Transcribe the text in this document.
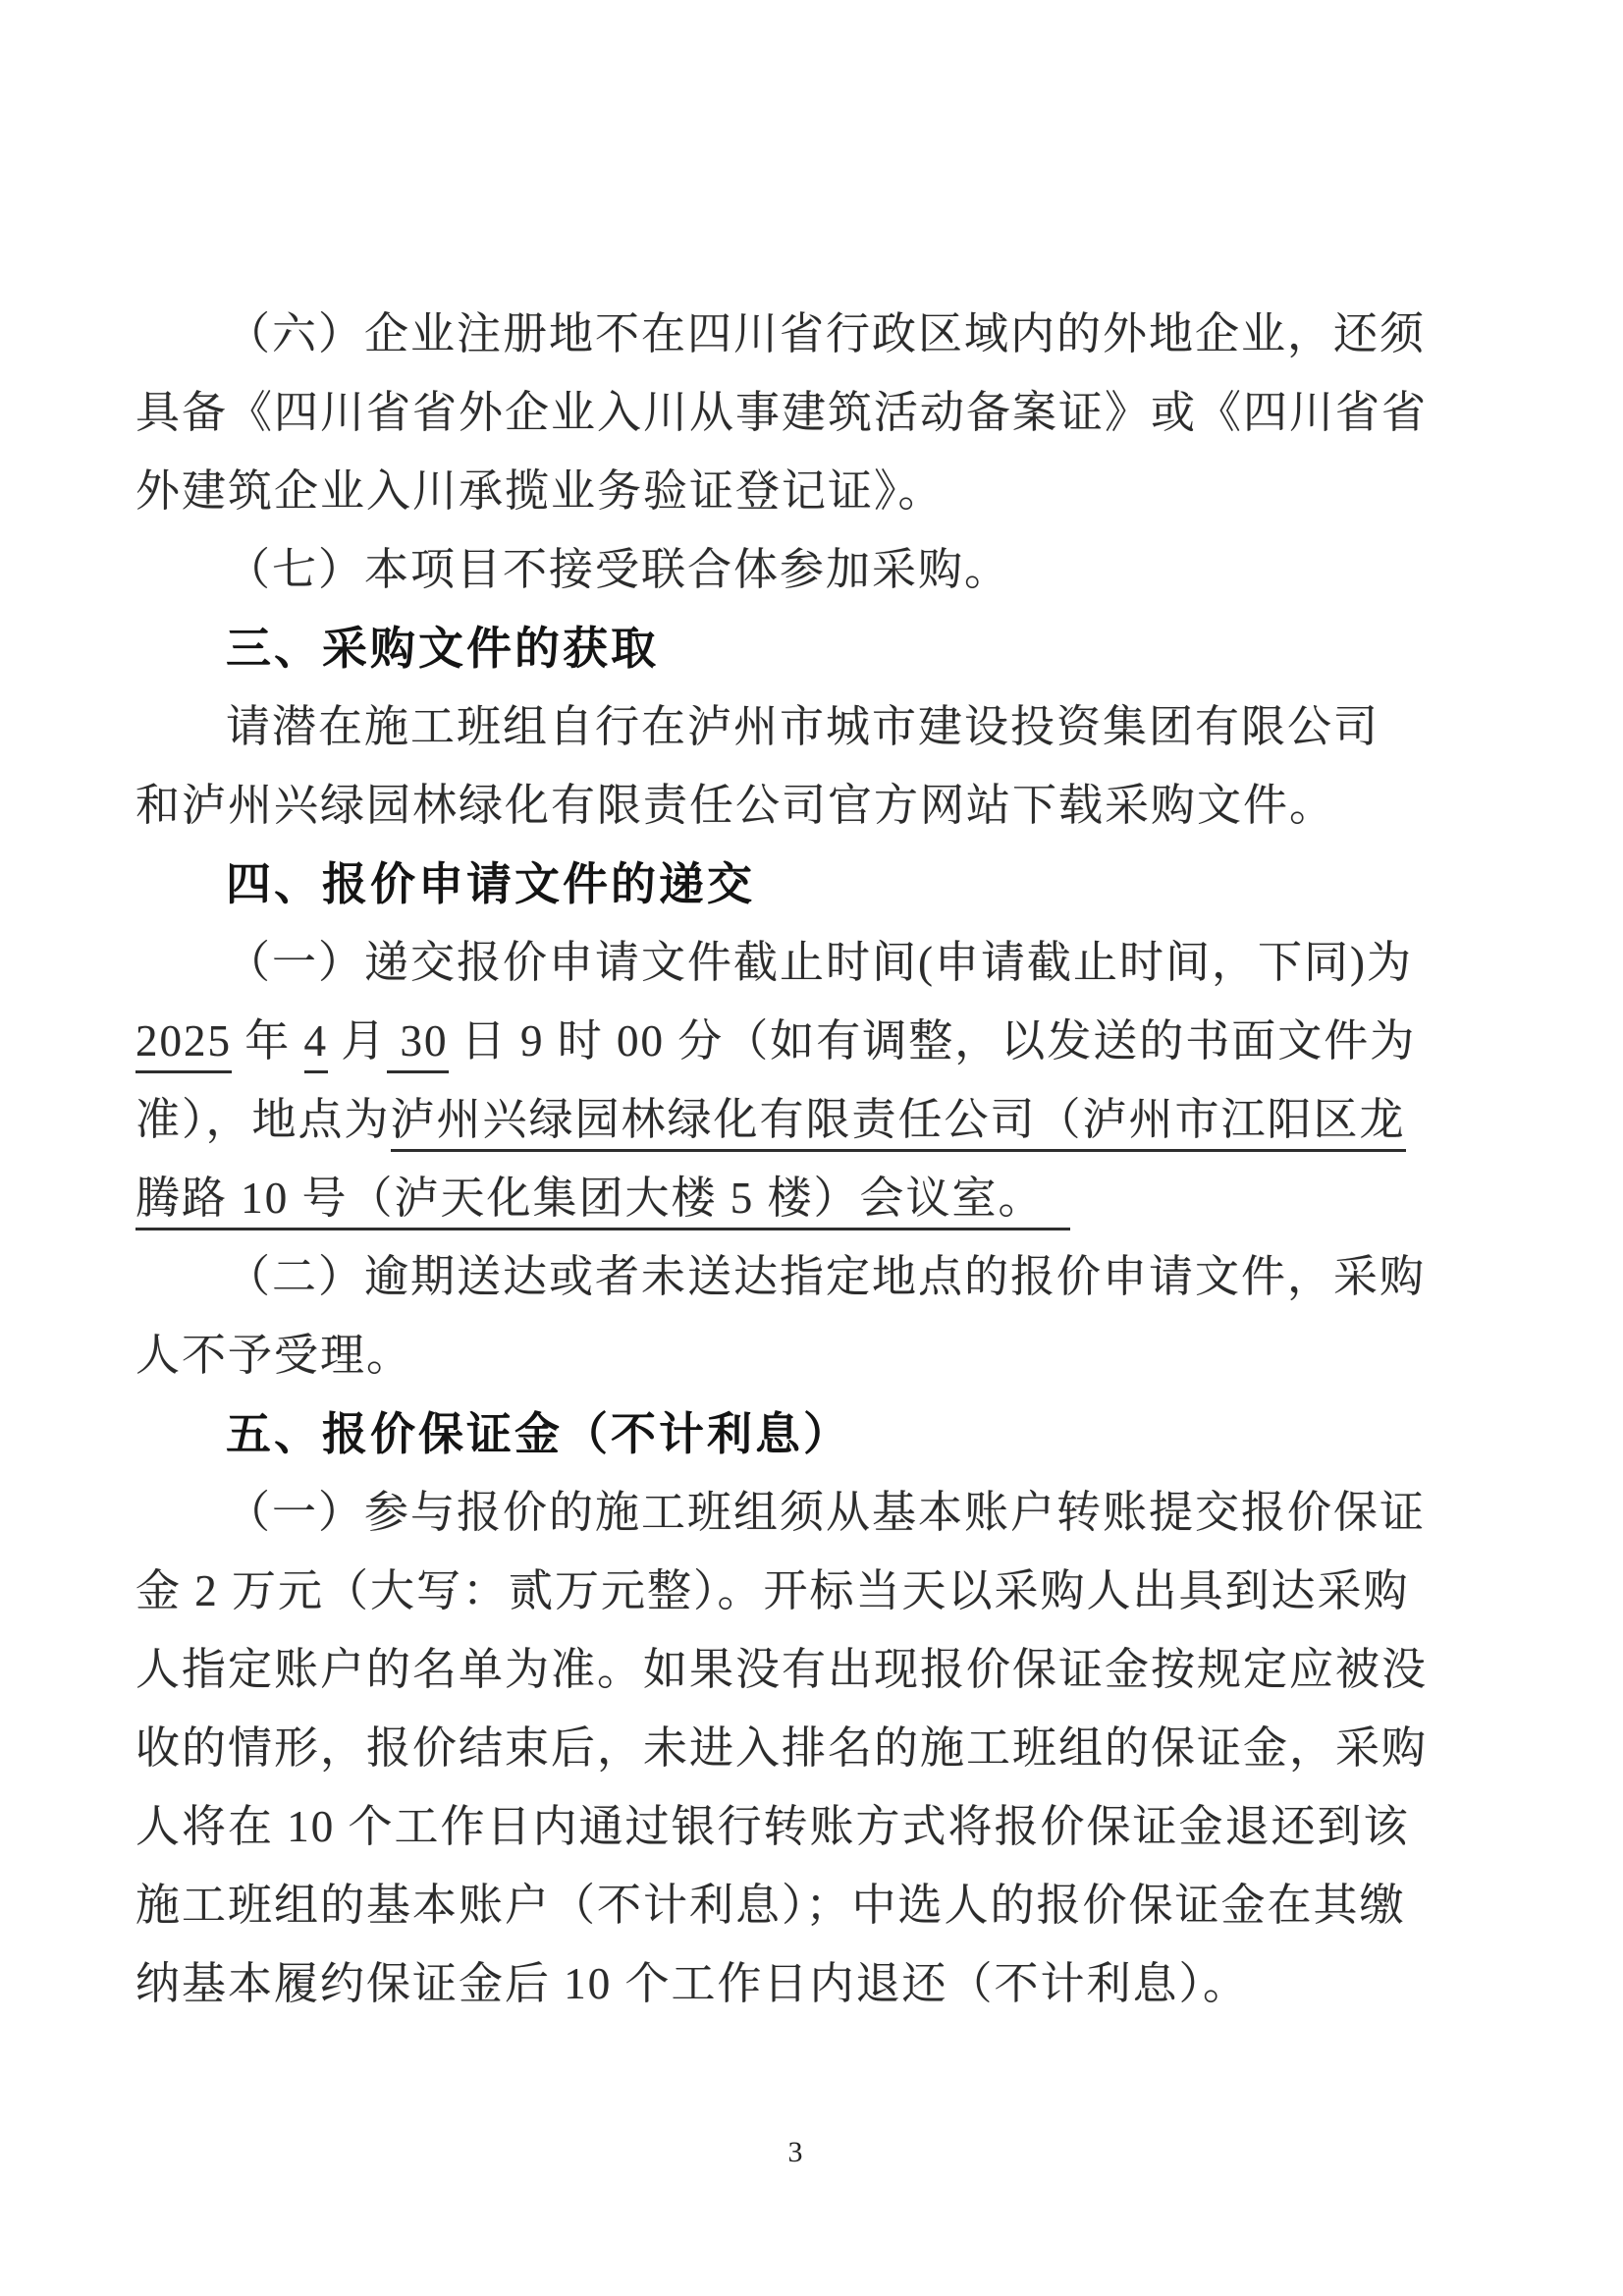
（六）企业注册地不在四川省行政区域内的外地企业，还须
具备《四川省省外企业入川从事建筑活动备案证》或《四川省省
外建筑企业入川承揽业务验证登记证》。
（七）本项目不接受联合体参加采购。
三、采购文件的获取
请潜在施工班组自行在泸州市城市建设投资集团有限公司
和泸州兴绿园林绿化有限责任公司官方网站下载采购文件。
四、报价申请文件的递交
（一）递交报价申请文件截止时间(申请截止时间，下同)为
2025 年 4 月 30 日 9 时 00 分（如有调整，以发送的书面文件为
准），地点为泸州兴绿园林绿化有限责任公司（泸州市江阳区龙
腾路 10 号（泸天化集团大楼 5 楼）会议室。
（二）逾期送达或者未送达指定地点的报价申请文件，采购
人不予受理。
五、报价保证金（不计利息）
（一）参与报价的施工班组须从基本账户转账提交报价保证
金 2 万元（大写：贰万元整）。开标当天以采购人出具到达采购
人指定账户的名单为准。如果没有出现报价保证金按规定应被没
收的情形，报价结束后，未进入排名的施工班组的保证金，采购
人将在 10 个工作日内通过银行转账方式将报价保证金退还到该
施工班组的基本账户（不计利息）；中选人的报价保证金在其缴
纳基本履约保证金后 10 个工作日内退还（不计利息）。
3
